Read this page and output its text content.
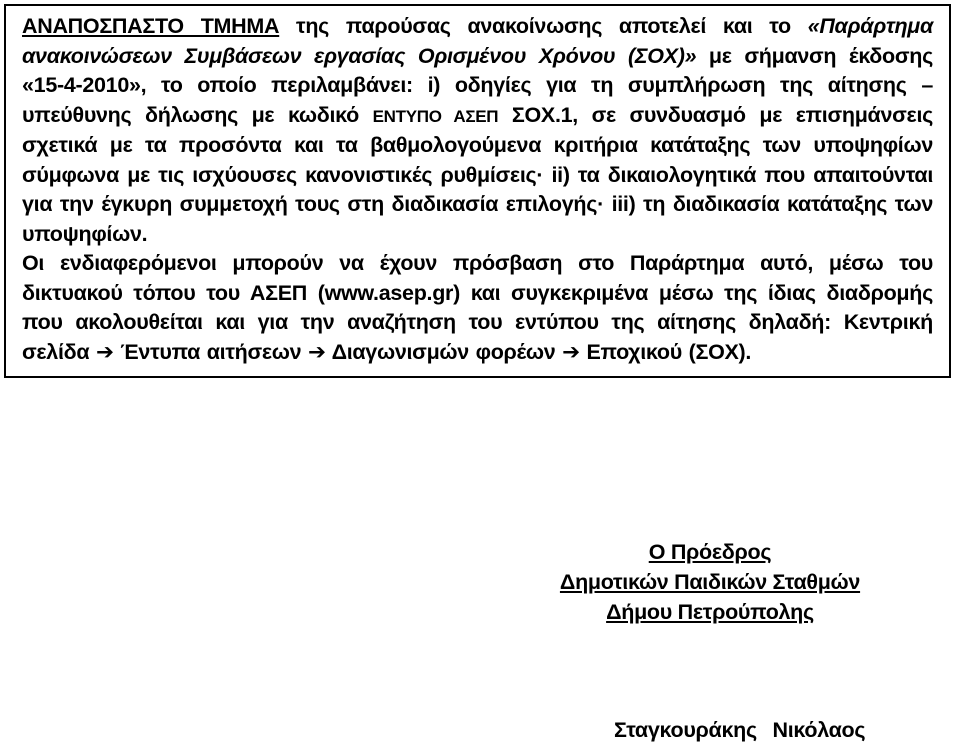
ΑΝΑΠΟΣΠΑΣΤΟ ΤΜΗΜΑ της παρούσας ανακοίνωσης αποτελεί και το «Παράρτημα ανακοινώσεων Συμβάσεων εργασίας Ορισμένου Χρόνου (ΣΟΧ)» με σήμανση έκδοσης «15-4-2010», το οποίο περιλαμβάνει: i) οδηγίες για τη συμπλήρωση της αίτησης – υπεύθυνης δήλωσης με κωδικό ΕΝΤΥΠΟ ΑΣΕΠ ΣΟΧ.1, σε συνδυασμό με επισημάνσεις σχετικά με τα προσόντα και τα βαθμολογούμενα κριτήρια κατάταξης των υποψηφίων σύμφωνα με τις ισχύουσες κανονιστικές ρυθμίσεις· ii) τα δικαιολογητικά που απαιτούνται για την έγκυρη συμμετοχή τους στη διαδικασία επιλογής· iii) τη διαδικασία κατάταξης των υποψηφίων.

Οι ενδιαφερόμενοι μπορούν να έχουν πρόσβαση στο Παράρτημα αυτό, μέσω του δικτυακού τόπου του ΑΣΕΠ (www.asep.gr) και συγκεκριμένα μέσω της ίδιας διαδρομής που ακολουθείται και για την αναζήτηση του εντύπου της αίτησης δηλαδή: Κεντρική σελίδα ➔ Έντυπα αιτήσεων ➔ Διαγωνισμών φορέων ➔ Εποχικού (ΣΟΧ).

Ο Πρόεδρος
Δημοτικών Παιδικών Σταθμών
Δήμου Πετρούπολης
Σταγκουράκης Νικόλαος
